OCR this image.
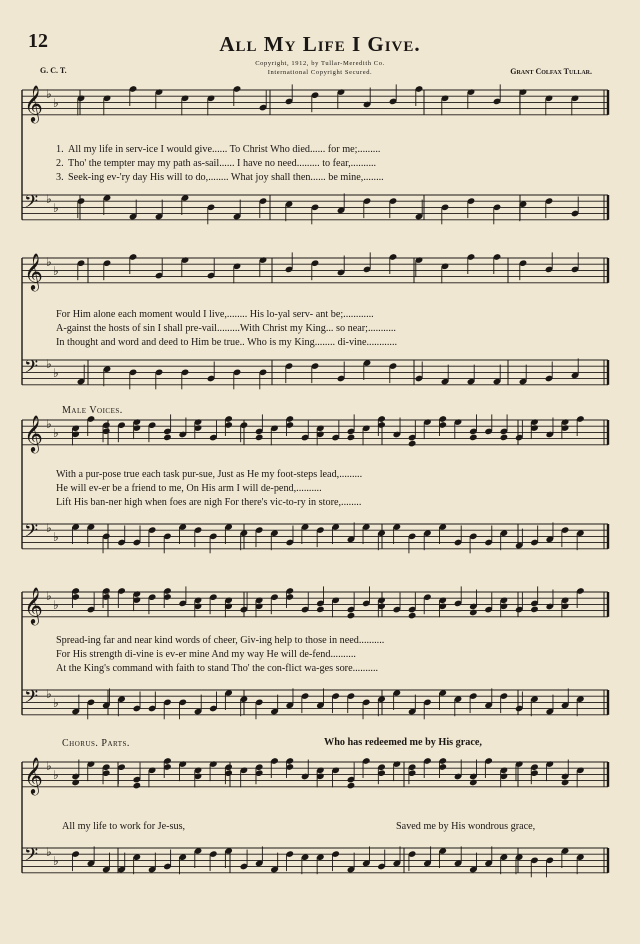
12	All My Life I Give.
Copyright, 1912, by Tullar-Meredith Co.
International Copyright Secured.
G. C. T.	Grant Colfax Tullar.
𝄞 ♭
♭
𝄢 ♭
♭
𝄞 ♭
♭
𝄢 ♭
♭
𝄞 ♭
♭
𝄢 ♭
♭
𝄞 ♭
♭
𝄢 ♭
♭
𝄞 ♭
♭
𝄢 ♭
♭
1. All my life in serv-ice I would give...... To Christ Who died...... for me;.........
2. Tho' the tempter may my path as-sail...... I have no need......... to fear,..........
3. Seek-ing ev-'ry day His will to do,........ What joy shall then...... be mine,........
For Him alone each moment would I live,........ His lo-yal serv- ant be;............
A-gainst the hosts of sin I shall pre-vail.........With Christ my King... so near;...........
In thought and word and deed to Him be true.. Who is my King........ di-vine............
Male Voices.
With a pur-pose true each task pur-sue, Just as He my foot-steps lead,.........
He will ev-er be a friend to me, On His arm I will de-pend,..........
Lift His ban-ner high when foes are nigh For there's vic-to-ry in store,........
Spread-ing far and near kind words of cheer, Giv-ing help to those in need..........
For His strength di-vine is ev-er mine And my way He will de-fend..........
At the King's command with faith to stand Tho' the con-flict wa-ges sore..........
Chorus. Parts.	Who has redeemed me by His grace,
All my life to work for Je-sus,	Saved me by His wondrous grace,
